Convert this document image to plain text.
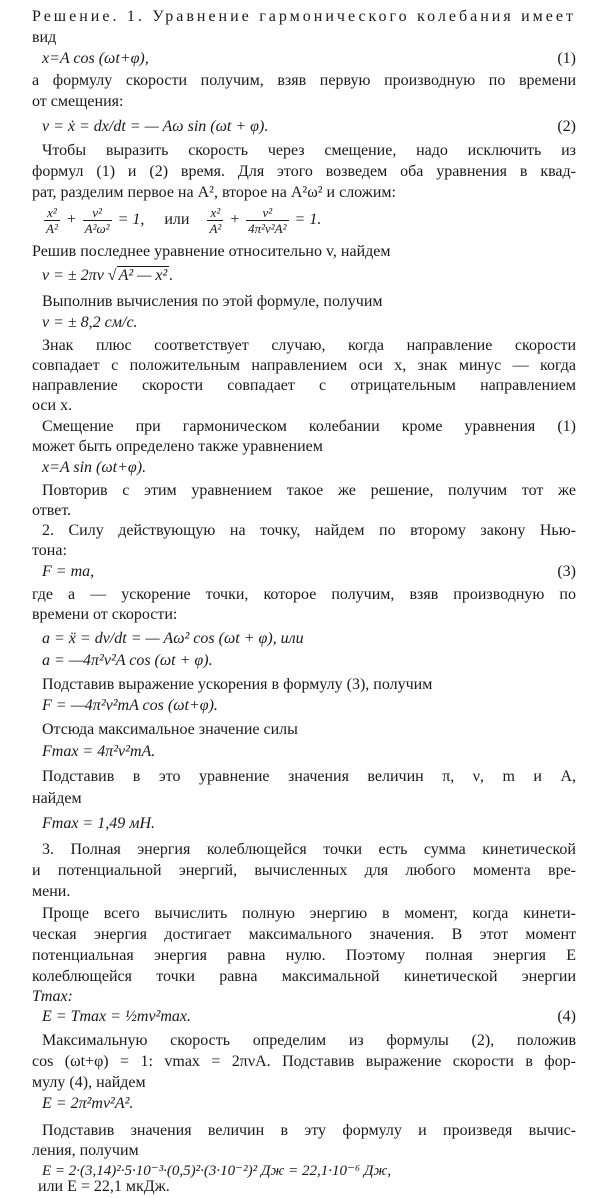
Решение. 1. Уравнение гармонического колебания имеет
вид
x=A cos (ωt+φ),	(1)
а формулу скорости получим, взяв первую производную по времени
от смещения:
v = ẋ = dx/dt = — Aω sin (ωt + φ).	(2)
Чтобы выразить скорость через смещение, надо исключить из
формул (1) и (2) время. Для этого возведем оба уравнения в квад-
рат, разделим первое на A², второе на A²ω² и сложим:
$\frac{\text{x²}}{\text{A²}} + \frac{\text{v²}}{\text{A²ω²}} = 1$, или $\frac{\text{x²}}{\text{A²}} + \frac{\text{v²}}{\text{4π²ν²A²}} = 1$.
Решив последнее уравнение относительно v, найдем
v = ± 2πν √ A² — x² .
Выполнив вычисления по этой формуле, получим
v = ± 8,2 см/с.
Знак плюс соответствует случаю, когда направление скорости
совпадает с положительным направлением оси x, знак минус — когда
направление скорости совпадает с отрицательным направлением
оси x.
Смещение при гармоническом колебании кроме уравнения (1)
может быть определено также уравнением
x=A sin (ωt+φ).
Повторив с этим уравнением такое же решение, получим тот же
ответ.
2. Силу действующую на точку, найдем по второму закону Нью-
тона:
F = ma,	(3)
где a — ускорение точки, которое получим, взяв производную по
времени от скорости:
a = ẍ = dv/dt = — Aω² cos (ωt + φ), или
a = —4π²ν²A cos (ωt + φ).
Подставив выражение ускорения в формулу (3), получим
F = —4π²ν²mA cos (ωt+φ).
Отсюда максимальное значение силы
Fmax = 4π²ν²mA.
Подставив в это уравнение значения величин π, ν, m и A,
найдем
Fmax = 1,49 мН.
3. Полная энергия колеблющейся точки есть сумма кинетической
и потенциальной энергий, вычисленных для любого момента вре-
мени.
Проще всего вычислить полную энергию в момент, когда кинети-
ческая энергия достигает максимального значения. В этот момент
потенциальная энергия равна нулю. Поэтому полная энергия E
колеблющейся точки равна максимальной кинетической энергии
Tmax:
E = Tmax = ½mv²max.	(4)
Максимальную скорость определим из формулы (2), положив
cos (ωt+φ) = 1: vmax = 2πνA. Подставив выражение скорости в фор-
мулу (4), найдем
E = 2π²mν²A².
Подставив значения величин в эту формулу и произведя вычис-
ления, получим
E = 2·(3,14)²·5·10⁻³·(0,5)²·(3·10⁻²)² Дж = 22,1·10⁻⁶ Дж,
или E = 22,1 мкДж.
